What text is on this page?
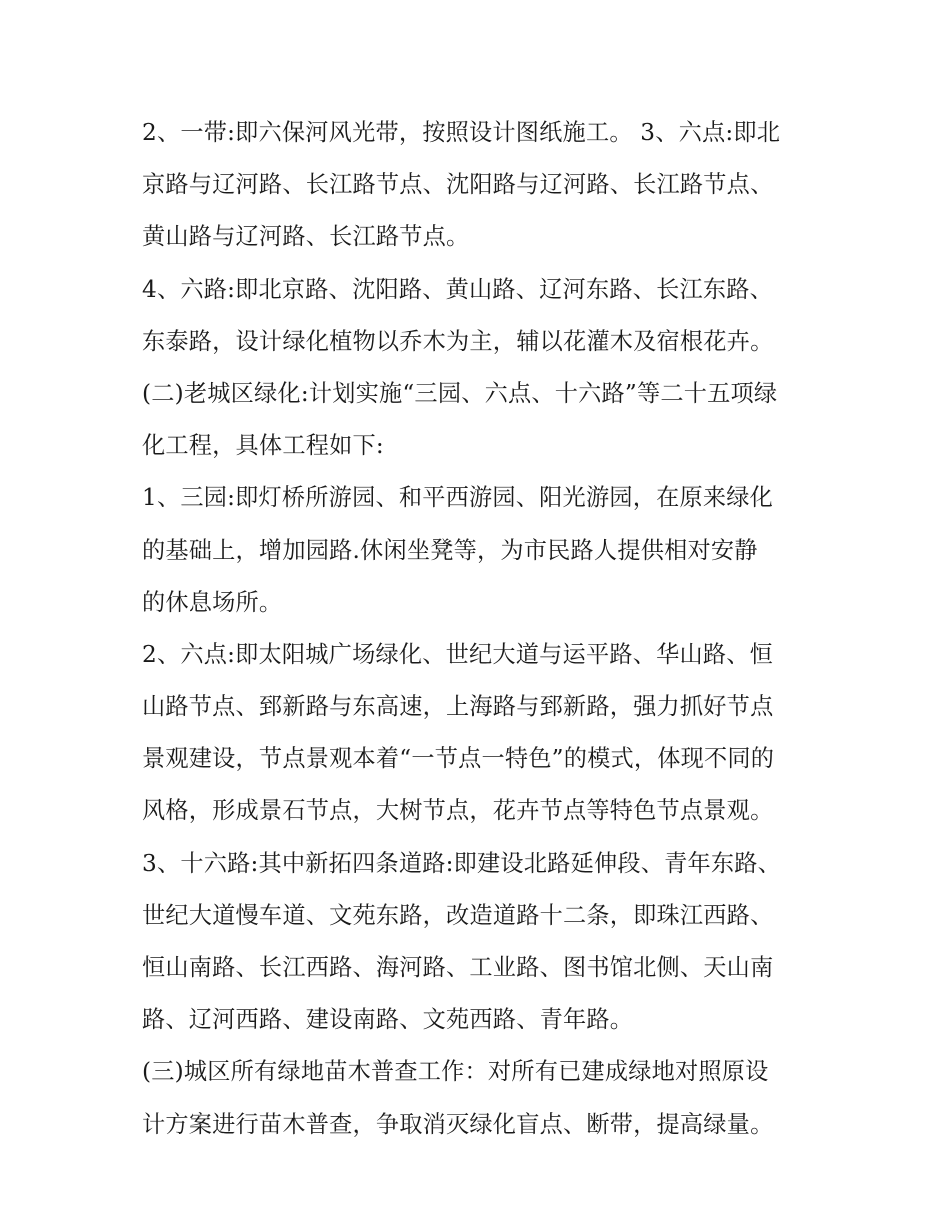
2、一带:即六保河风光带，按照设计图纸施工。 3、六点:即北
京路与辽河路、长江路节点、沈阳路与辽河路、长江路节点、
黄山路与辽河路、长江路节点。

4、六路:即北京路、沈阳路、黄山路、辽河东路、长江东路、
东泰路，设计绿化植物以乔木为主，辅以花灌木及宿根花卉。

(二)老城区绿化:计划实施“三园、六点、十六路”等二十五项绿
化工程，具体工程如下:

1、三园:即灯桥所游园、和平西游园、阳光游园，在原来绿化
的基础上，增加园路.休闲坐凳等，为市民路人提供相对安静
的休息场所。

2、六点:即太阳城广场绿化、世纪大道与运平路、华山路、恒
山路节点、郅新路与东高速，上海路与郅新路，强力抓好节点
景观建设，节点景观本着“一节点一特色”的模式，体现不同的
风格，形成景石节点，大树节点，花卉节点等特色节点景观。

3、十六路:其中新拓四条道路:即建设北路延伸段、青年东路、
世纪大道慢车道、文苑东路，改造道路十二条，即珠江西路、
恒山南路、长江西路、海河路、工业路、图书馆北侧、天山南
路、辽河西路、建设南路、文苑西路、青年路。

(三)城区所有绿地苗木普查工作：对所有已建成绿地对照原设
计方案进行苗木普查，争取消灭绿化盲点、断带，提高绿量。
